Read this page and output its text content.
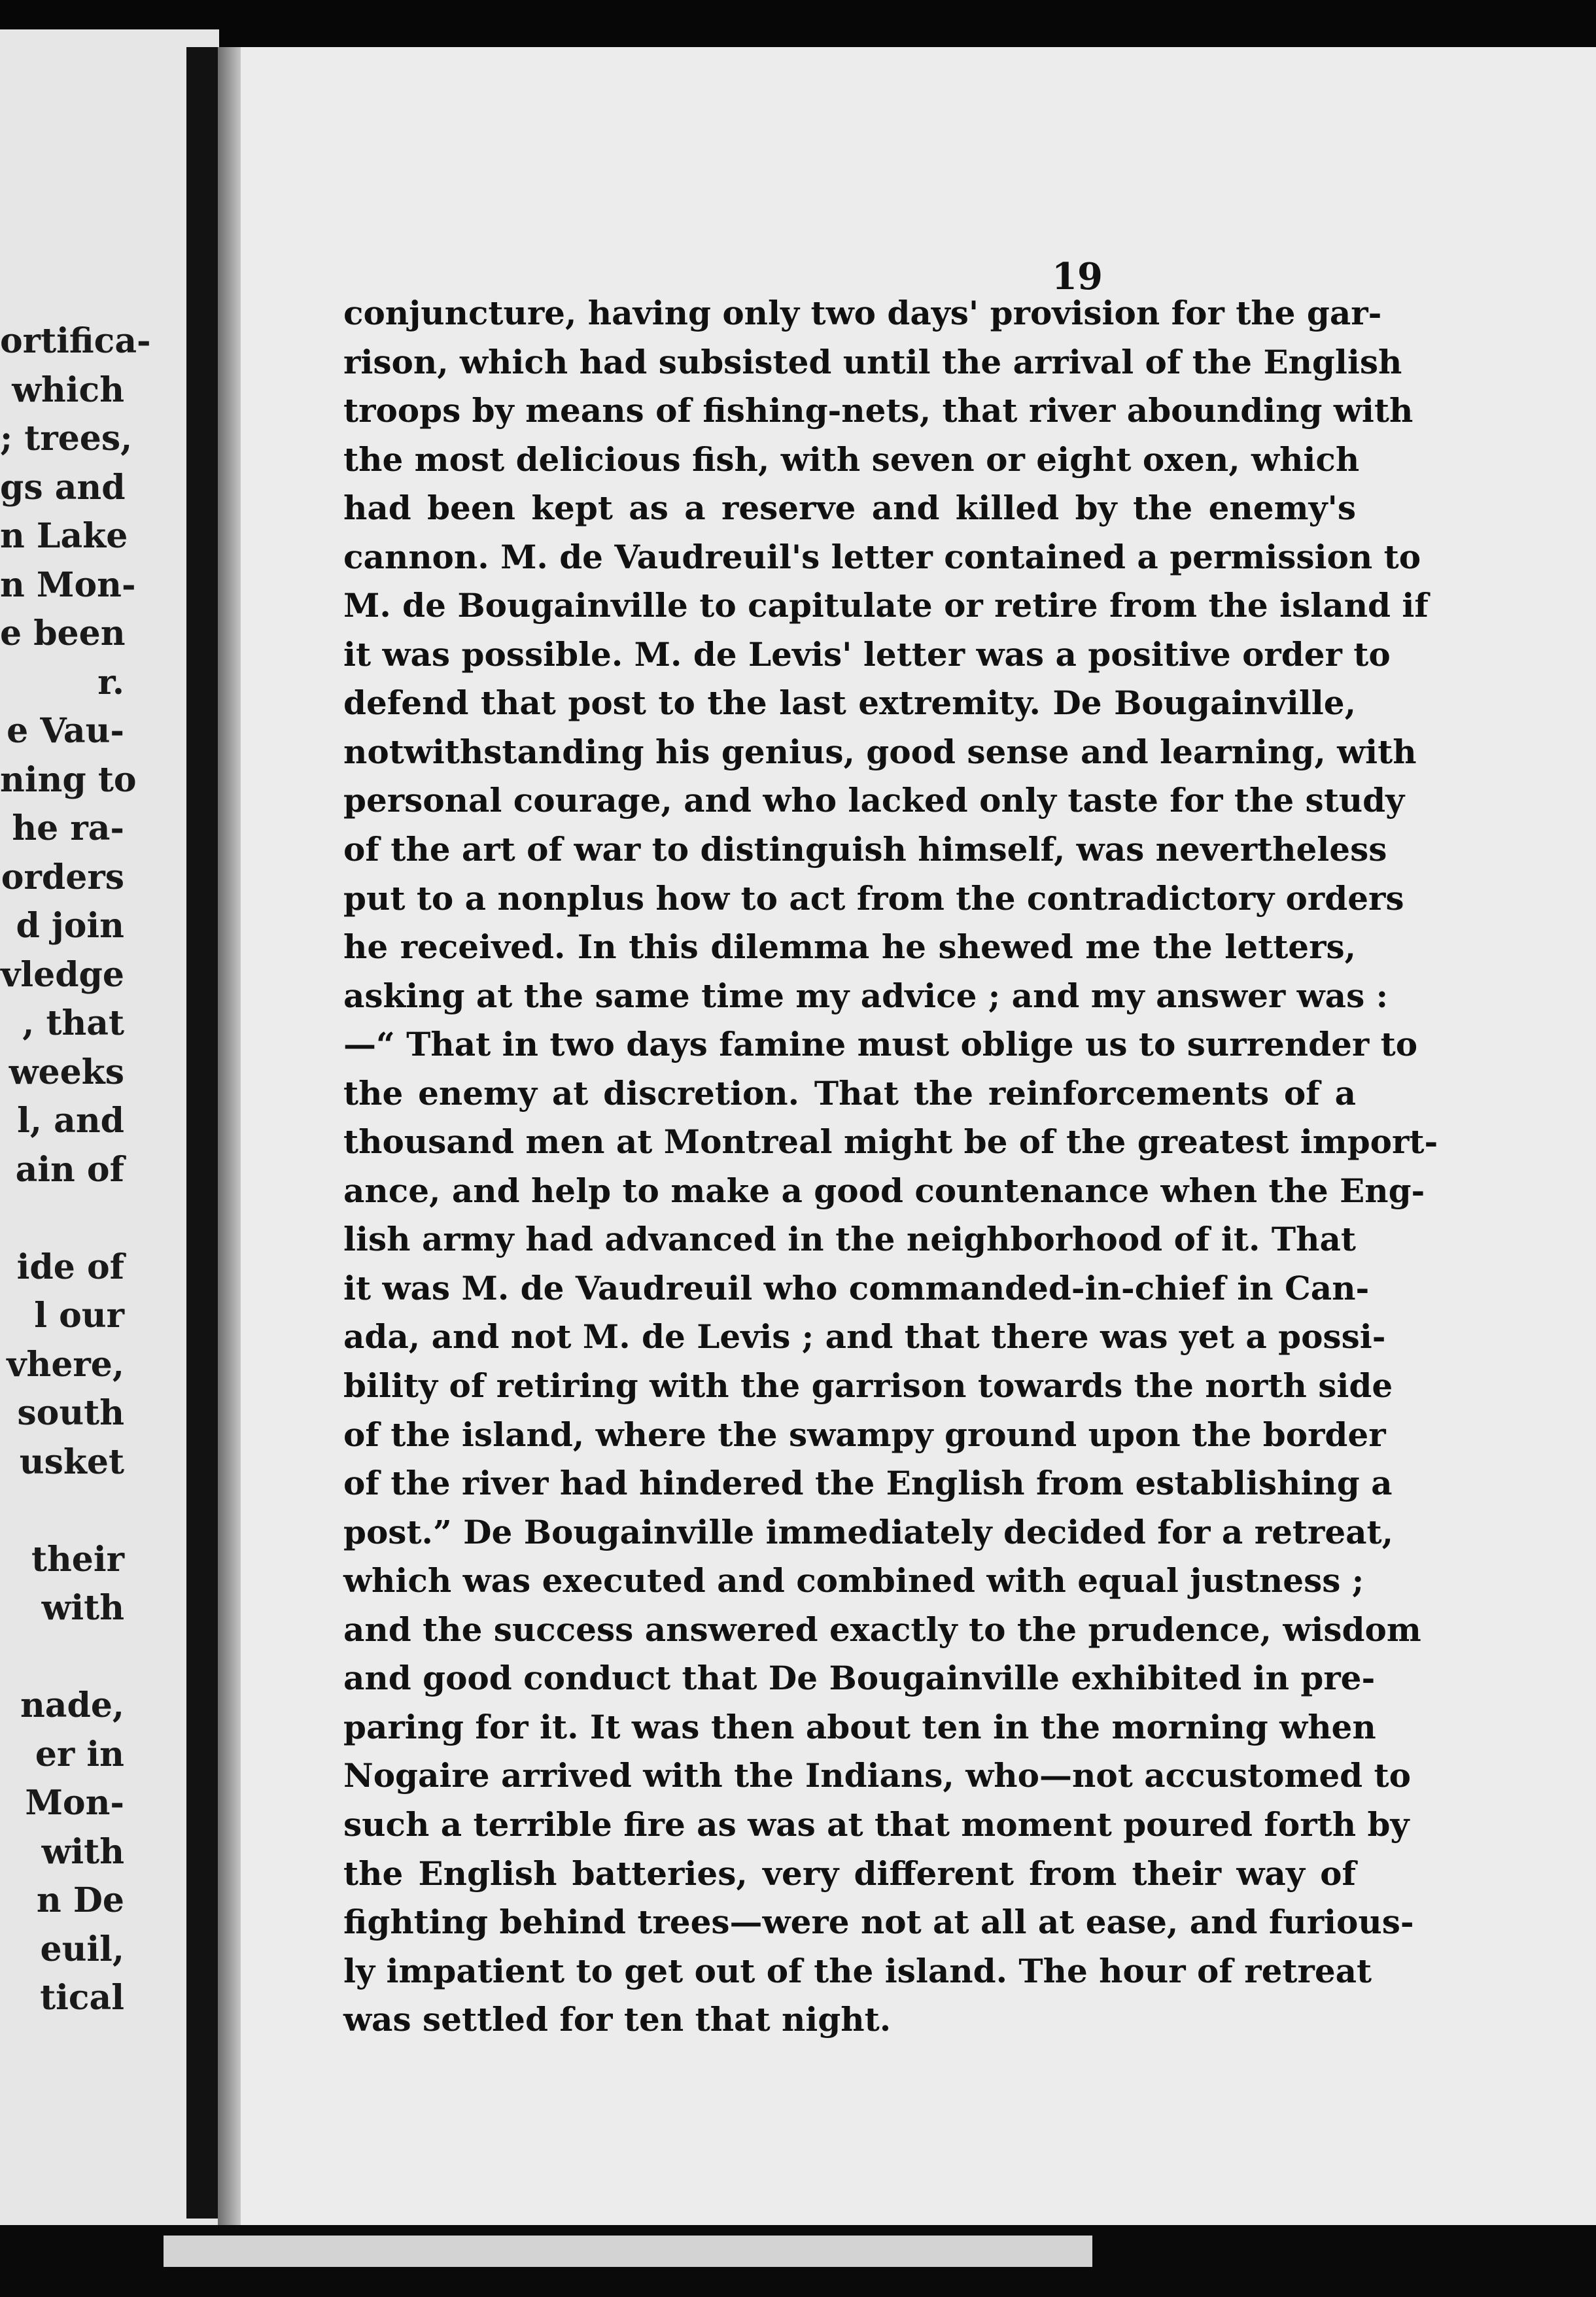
ortifica-
which
; trees,
gs and
n Lake
n Mon-
e been
r.
e Vau-
ning to
he ra-
orders
d join
vledge
, that
weeks
l, and
ain of
ide of
l our
vhere,
south
usket
their
with
nade,
er in
Mon-
with
n De
euil,
tical

19

conjuncture, having only two days' provision for the gar-
rison, which had subsisted until the arrival of the English
troops by means of fishing-nets, that river abounding with
the most delicious fish, with seven or eight oxen, which
had been kept as a reserve and killed by the enemy's
cannon. M. de Vaudreuil's letter contained a permission to
M. de Bougainville to capitulate or retire from the island if
it was possible. M. de Levis' letter was a positive order to
defend that post to the last extremity. De Bougainville,
notwithstanding his genius, good sense and learning, with
personal courage, and who lacked only taste for the study
of the art of war to distinguish himself, was nevertheless
put to a nonplus how to act from the contradictory orders
he received. In this dilemma he shewed me the letters,
asking at the same time my advice ; and my answer was :
—“ That in two days famine must oblige us to surrender to
the enemy at discretion. That the reinforcements of a
thousand men at Montreal might be of the greatest import-
ance, and help to make a good countenance when the Eng-
lish army had advanced in the neighborhood of it. That
it was M. de Vaudreuil who commanded-in-chief in Can-
ada, and not M. de Levis ; and that there was yet a possi-
bility of retiring with the garrison towards the north side
of the island, where the swampy ground upon the border
of the river had hindered the English from establishing a
post.” De Bougainville immediately decided for a retreat,
which was executed and combined with equal justness ;
and the success answered exactly to the prudence, wisdom
and good conduct that De Bougainville exhibited in pre-
paring for it. It was then about ten in the morning when
Nogaire arrived with the Indians, who—not accustomed to
such a terrible fire as was at that moment poured forth by
the English batteries, very different from their way of
fighting behind trees—were not at all at ease, and furious-
ly impatient to get out of the island. The hour of retreat
was settled for ten that night.
